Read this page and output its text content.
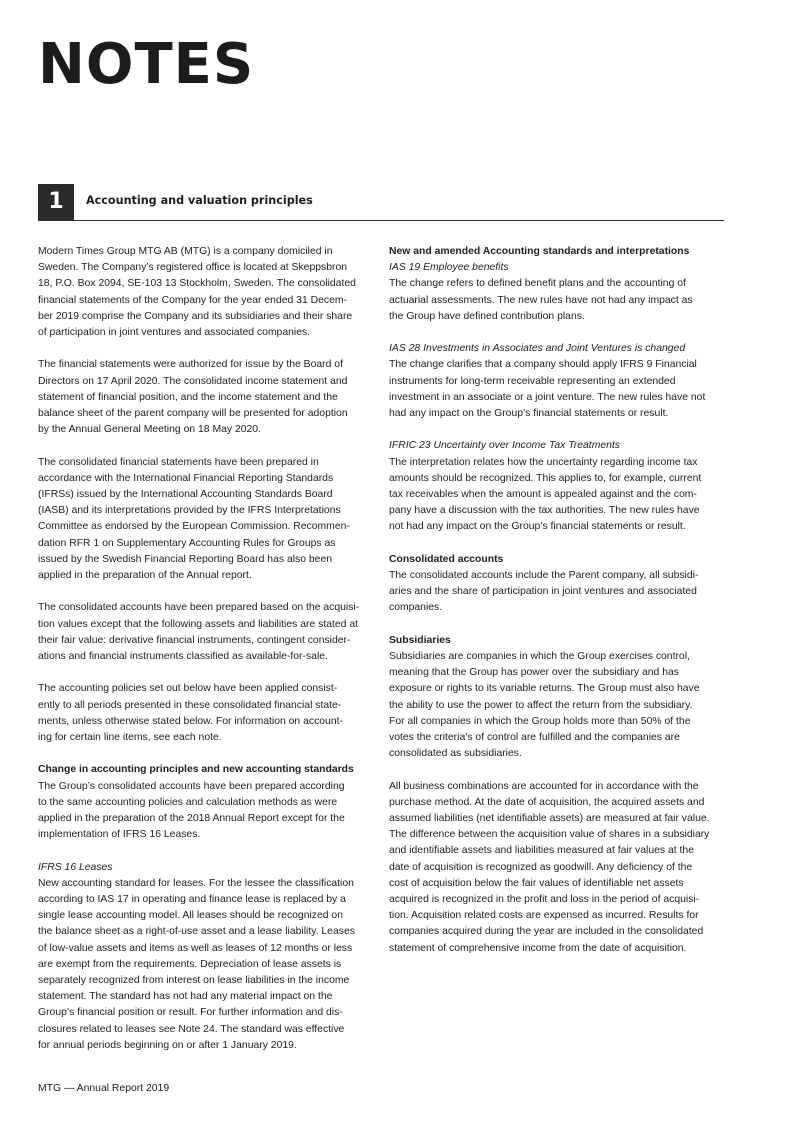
NOTES
1	Accounting and valuation principles

Modern Times Group MTG AB (MTG) is a company domiciled in
Sweden. The Company’s registered office is located at Skeppsbron
18, P.O. Box 2094, SE-103 13 Stockholm, Sweden. The consolidated
financial statements of the Company for the year ended 31 Decem-
ber 2019 comprise the Company and its subsidiaries and their share
of participation in joint ventures and associated companies.

The financial statements were authorized for issue by the Board of
Directors on 17 April 2020. The consolidated income statement and
statement of financial position, and the income statement and the
balance sheet of the parent company will be presented for adoption
by the Annual General Meeting on 18 May 2020.

The consolidated financial statements have been prepared in
accordance with the International Financial Reporting Standards
(IFRSs) issued by the International Accounting Standards Board
(IASB) and its interpretations provided by the IFRS Interpretations
Committee as endorsed by the European Commission. Recommen-
dation RFR 1 on Supplementary Accounting Rules for Groups as
issued by the Swedish Financial Reporting Board has also been
applied in the preparation of the Annual report.

The consolidated accounts have been prepared based on the acquisi-
tion values except that the following assets and liabilities are stated at
their fair value: derivative financial instruments, contingent consider-
ations and financial instruments classified as available-for-sale.

The accounting policies set out below have been applied consist-
ently to all periods presented in these consolidated financial state-
ments, unless otherwise stated below. For information on account-
ing for certain line items, see each note.

Change in accounting principles and new accounting standards
The Group’s consolidated accounts have been prepared according
to the same accounting policies and calculation methods as were
applied in the preparation of the 2018 Annual Report except for the
implementation of IFRS 16 Leases.

IFRS 16 Leases
New accounting standard for leases. For the lessee the classification
according to IAS 17 in operating and finance lease is replaced by a
single lease accounting model. All leases should be recognized on
the balance sheet as a right-of-use asset and a lease liability. Leases
of low-value assets and items as well as leases of 12 months or less
are exempt from the requirements. Depreciation of lease assets is
separately recognized from interest on lease liabilities in the income
statement. The standard has not had any material impact on the
Group’s financial position or result. For further information and dis-
closures related to leases see Note 24. The standard was effective
for annual periods beginning on or after 1 January 2019.

New and amended Accounting standards and interpretations
IAS 19 Employee benefits
The change refers to defined benefit plans and the accounting of
actuarial assessments. The new rules have not had any impact as
the Group have defined contribution plans.

IAS 28 Investments in Associates and Joint Ventures is changed
The change clarifies that a company should apply IFRS 9 Financial
instruments for long-term receivable representing an extended
investment in an associate or a joint venture. The new rules have not
had any impact on the Group’s financial statements or result.

IFRIC 23 Uncertainty over Income Tax Treatments
The interpretation relates how the uncertainty regarding income tax
amounts should be recognized. This applies to, for example, current
tax receivables when the amount is appealed against and the com-
pany have a discussion with the tax authorities. The new rules have
not had any impact on the Group’s financial statements or result.

Consolidated accounts
The consolidated accounts include the Parent company, all subsidi-
aries and the share of participation in joint ventures and associated
companies.

Subsidiaries
Subsidiaries are companies in which the Group exercises control,
meaning that the Group has power over the subsidiary and has
exposure or rights to its variable returns. The Group must also have
the ability to use the power to affect the return from the subsidiary.
For all companies in which the Group holds more than 50% of the
votes the criteria’s of control are fulfilled and the companies are
consolidated as subsidiaries.

All business combinations are accounted for in accordance with the
purchase method. At the date of acquisition, the acquired assets and
assumed liabilities (net identifiable assets) are measured at fair value.
The difference between the acquisition value of shares in a subsidiary
and identifiable assets and liabilities measured at fair values at the
date of acquisition is recognized as goodwill. Any deficiency of the
cost of acquisition below the fair values of identifiable net assets
acquired is recognized in the profit and loss in the period of acquisi-
tion. Acquisition related costs are expensed as incurred. Results for
companies acquired during the year are included in the consolidated
statement of comprehensive income from the date of acquisition.

MTG — Annual Report 2019
